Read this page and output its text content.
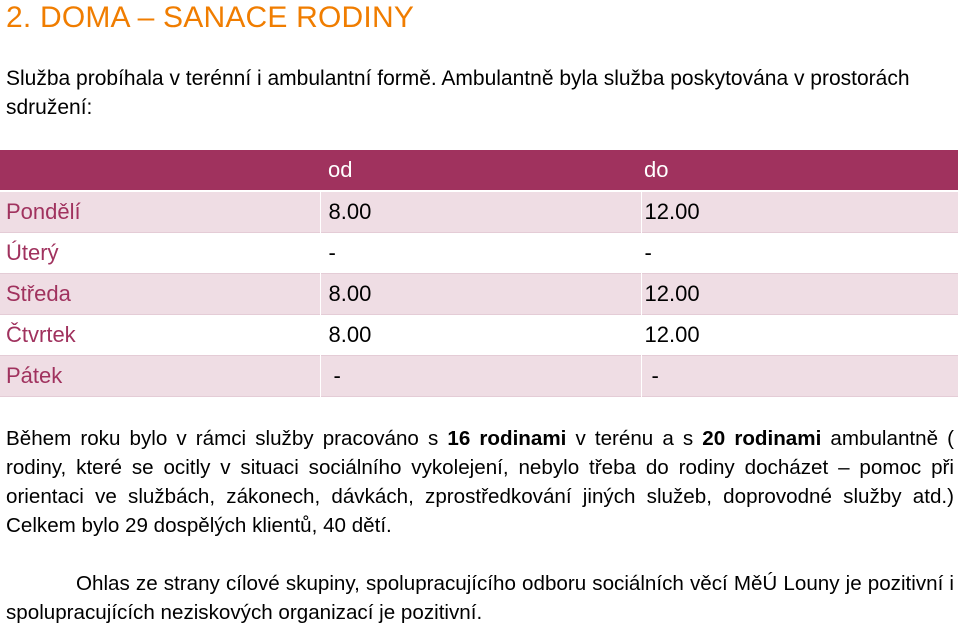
2. DOMA – SANACE RODINY

Služba probíhala v terénní i ambulantní formě. Ambulantně byla služba poskytována v prostorách sdružení:

	od	do
Pondělí	8.00	12.00
Úterý	-	-
Středa	8.00	12.00
Čtvrtek	8.00	12.00
Pátek	-	-

Během roku bylo v rámci služby pracováno s 16 rodinami v terénu a s 20 rodinami ambulantně ( rodiny, které se ocitly v situaci sociálního vykolejení, nebylo třeba do rodiny docházet – pomoc při orientaci ve službách, zákonech, dávkách, zprostředkování jiných služeb, doprovodné služby atd.) Celkem bylo 29 dospělých klientů, 40 dětí.

Ohlas ze strany cílové skupiny, spolupracujícího odboru sociálních věcí MěÚ Louny je pozitivní i spolupracujících neziskových organizací je pozitivní.
